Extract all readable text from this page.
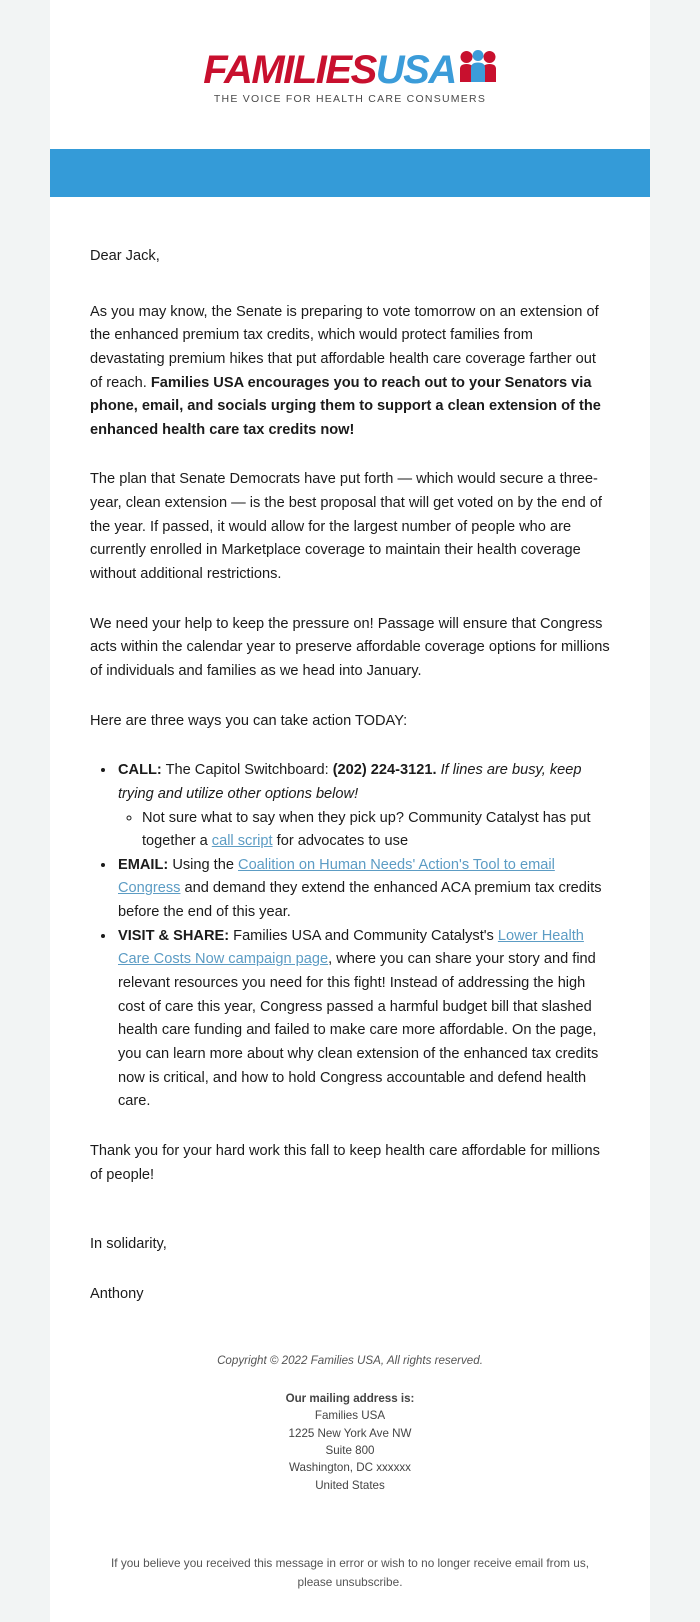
FAMILIES USA
THE VOICE FOR HEALTH CARE CONSUMERS

Dear Jack,

As you may know, the Senate is preparing to vote tomorrow on an extension of the enhanced premium tax credits, which would protect families from devastating premium hikes that put affordable health care coverage farther out of reach. Families USA encourages you to reach out to your Senators via phone, email, and socials urging them to support a clean extension of the enhanced health care tax credits now!

The plan that Senate Democrats have put forth — which would secure a three-year, clean extension — is the best proposal that will get voted on by the end of the year. If passed, it would allow for the largest number of people who are currently enrolled in Marketplace coverage to maintain their health coverage without additional restrictions.

We need your help to keep the pressure on! Passage will ensure that Congress acts within the calendar year to preserve affordable coverage options for millions of individuals and families as we head into January.

Here are three ways you can take action TODAY:

• CALL: The Capitol Switchboard: (202) 224-3121. If lines are busy, keep trying and utilize other options below!
◦ Not sure what to say when they pick up? Community Catalyst has put together a call script for advocates to use
• EMAIL: Using the Coalition on Human Needs' Action's Tool to email Congress and demand they extend the enhanced ACA premium tax credits before the end of this year.
• VISIT & SHARE: Families USA and Community Catalyst's Lower Health Care Costs Now campaign page, where you can share your story and find relevant resources you need for this fight! Instead of addressing the high cost of care this year, Congress passed a harmful budget bill that slashed health care funding and failed to make care more affordable. On the page, you can learn more about why clean extension of the enhanced tax credits now is critical, and how to hold Congress accountable and defend health care.

Thank you for your hard work this fall to keep health care affordable for millions of people!

In solidarity,

Anthony

Copyright © 2022 Families USA, All rights reserved.

Our mailing address is:

Families USA

1225 New York Ave NW

Suite 800

Washington, DC xxxxxx

United States

If you believe you received this message in error or wish to no longer receive email from us, please unsubscribe.
